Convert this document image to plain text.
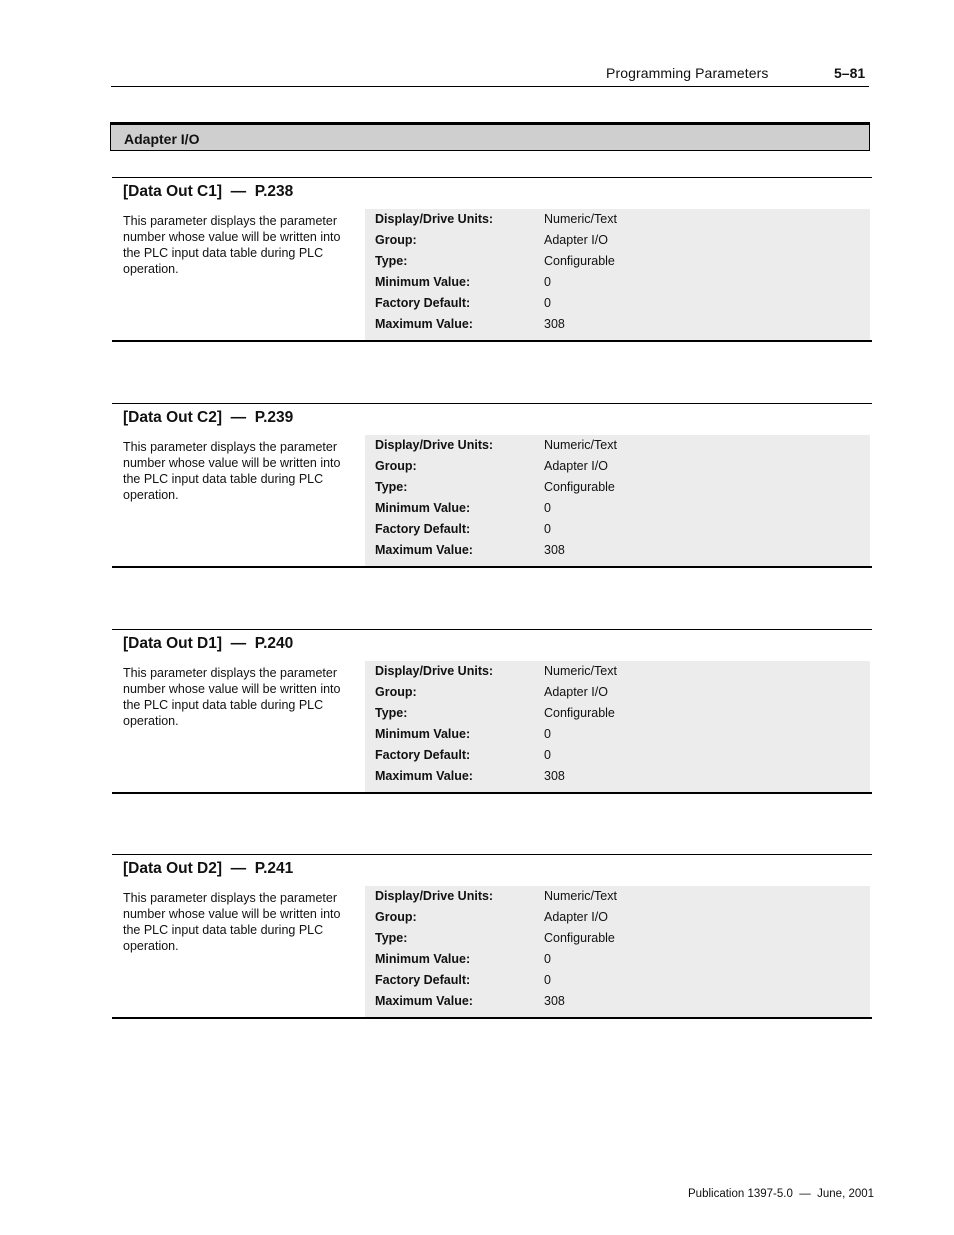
Programming Parameters	5–81
Adapter I/O
[Data Out C1]  —  P.238
This parameter displays the parameter number whose value will be written into the PLC input data table during PLC operation.
Display/Drive Units:	Numeric/Text
Group:	Adapter I/O
Type:	Configurable
Minimum Value:	0
Factory Default:	0
Maximum Value:	308
[Data Out C2]  —  P.239
This parameter displays the parameter number whose value will be written into the PLC input data table during PLC operation.
Display/Drive Units:	Numeric/Text
Group:	Adapter I/O
Type:	Configurable
Minimum Value:	0
Factory Default:	0
Maximum Value:	308
[Data Out D1]  —  P.240
This parameter displays the parameter number whose value will be written into the PLC input data table during PLC operation.
Display/Drive Units:	Numeric/Text
Group:	Adapter I/O
Type:	Configurable
Minimum Value:	0
Factory Default:	0
Maximum Value:	308
[Data Out D2]  —  P.241
This parameter displays the parameter number whose value will be written into the PLC input data table during PLC operation.
Display/Drive Units:	Numeric/Text
Group:	Adapter I/O
Type:	Configurable
Minimum Value:	0
Factory Default:	0
Maximum Value:	308
Publication 1397-5.0  —  June, 2001
